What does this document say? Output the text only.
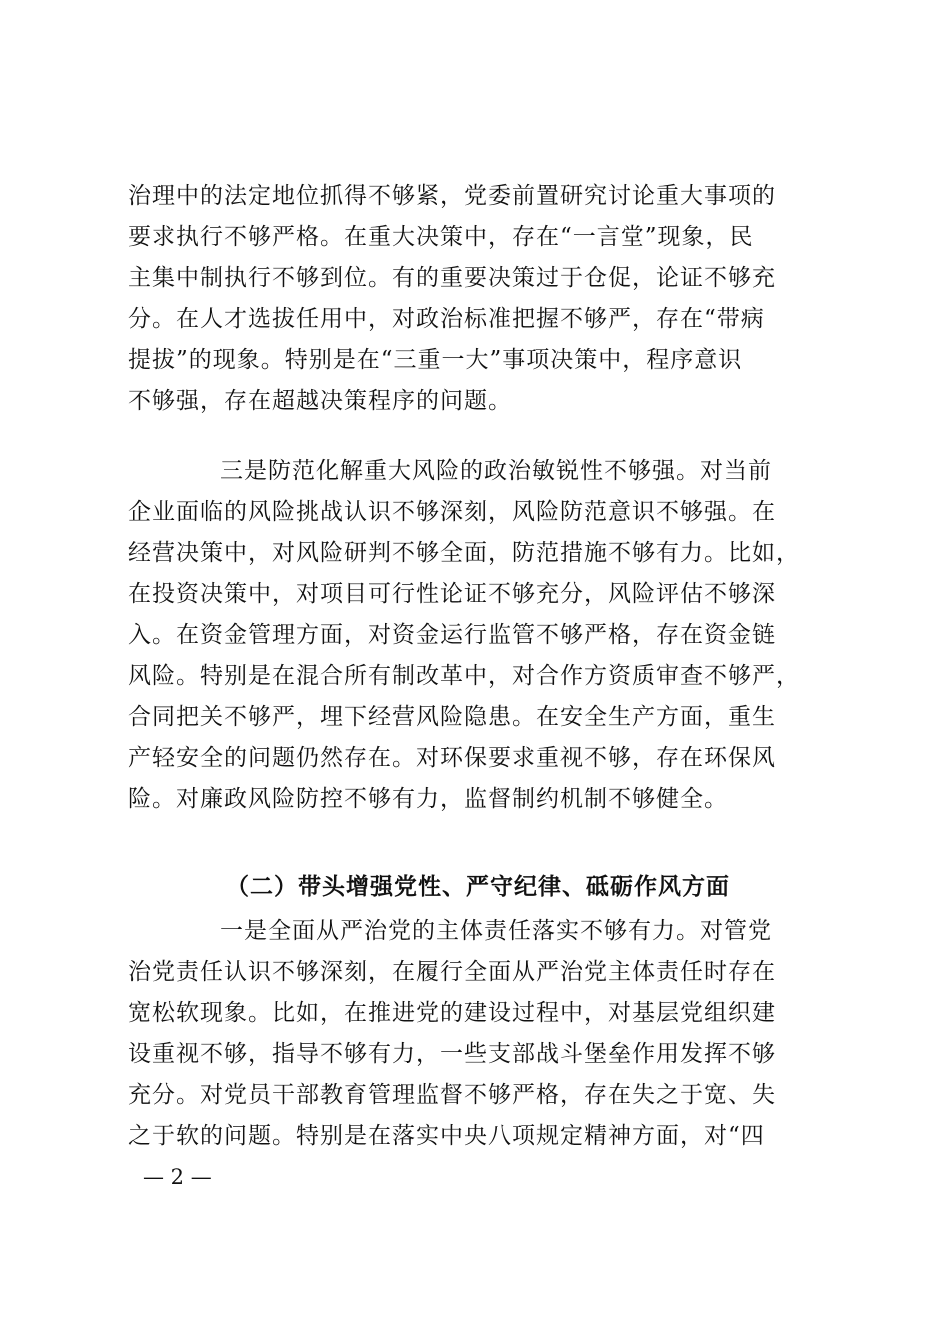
治理中的法定地位抓得不够紧，党委前置研究讨论重大事项的
要求执行不够严格。在重大决策中，存在“一言堂”现象，民
主集中制执行不够到位。有的重要决策过于仓促，论证不够充
分。在人才选拔任用中，对政治标准把握不够严，存在“带病
提拔”的现象。特别是在“三重一大”事项决策中，程序意识
不够强，存在超越决策程序的问题。
三是防范化解重大风险的政治敏锐性不够强。对当前
企业面临的风险挑战认识不够深刻，风险防范意识不够强。在
经营决策中，对风险研判不够全面，防范措施不够有力。比如，
在投资决策中，对项目可行性论证不够充分，风险评估不够深
入。在资金管理方面，对资金运行监管不够严格，存在资金链
风险。特别是在混合所有制改革中，对合作方资质审查不够严，
合同把关不够严，埋下经营风险隐患。在安全生产方面，重生
产轻安全的问题仍然存在。对环保要求重视不够，存在环保风
险。对廉政风险防控不够有力，监督制约机制不够健全。
（二）带头增强党性、严守纪律、砥砺作风方面
一是全面从严治党的主体责任落实不够有力。对管党
治党责任认识不够深刻，在履行全面从严治党主体责任时存在
宽松软现象。比如，在推进党的建设过程中，对基层党组织建
设重视不够，指导不够有力，一些支部战斗堡垒作用发挥不够
充分。对党员干部教育管理监督不够严格，存在失之于宽、失
之于软的问题。特别是在落实中央八项规定精神方面，对“四
— 2 —
